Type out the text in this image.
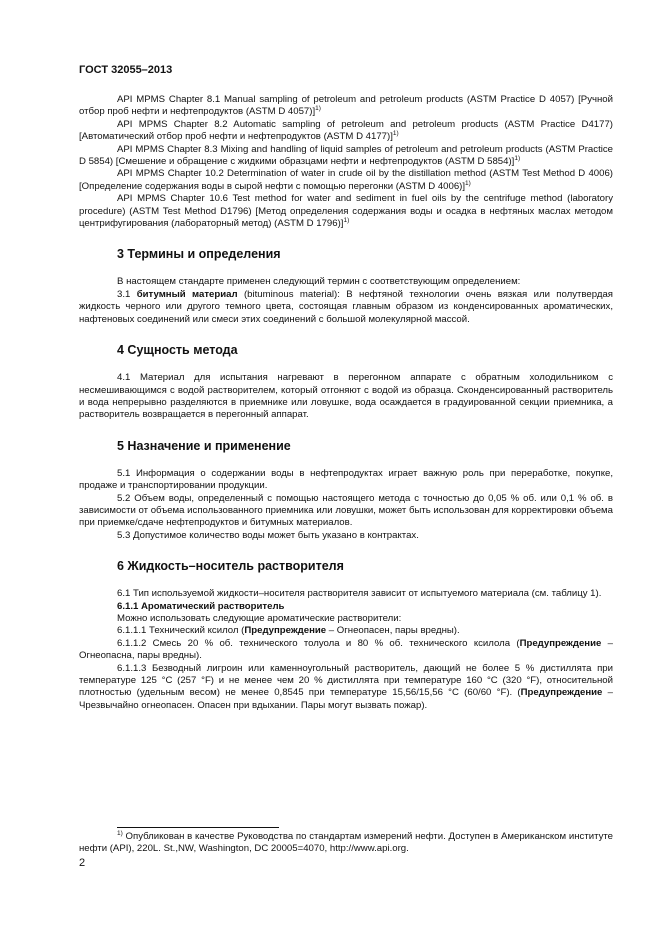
ГОСТ 32055–2013

API MPMS Chapter 8.1 Manual sampling of petroleum and petroleum products (ASTM Practice D 4057) [Ручной отбор проб нефти и нефтепродуктов (ASTM D 4057)]$^{1)}$

API MPMS Chapter 8.2 Automatic sampling of petroleum and petroleum products (ASTM Practice D4177) [Автоматический отбор проб нефти и нефтепродуктов (ASTM D 4177)]$^{1)}$

API MPMS Chapter 8.3 Mixing and handling of liquid samples of petroleum and petroleum products (ASTM Practice D 5854) [Смешение и обращение с жидкими образцами нефти и нефтепродуктов (ASTM D 5854)]$^{1)}$

API MPMS Chapter 10.2 Determination of water in crude oil by the distillation method (ASTM Test Method D 4006) [Определение содержания воды в сырой нефти с помощью перегонки (ASTM D 4006)]$^{1)}$

API MPMS Chapter 10.6 Test method for water and sediment in fuel oils by the centrifuge method (laboratory procedure) (ASTM Test Method D1796) [Метод определения содержания воды и осадка в нефтяных маслах методом центрифугирования (лабораторный метод) (ASTM D 1796)]$^{1)}$

3 Термины и определения

В настоящем стандарте применен следующий термин с соответствующим определением:

3.1 битумный материал (bituminous material): В нефтяной технологии очень вязкая или полутвердая жидкость черного или другого темного цвета, состоящая главным образом из конденсированных ароматических, нафтеновых соединений или смеси этих соединений с большой молекулярной массой.

4 Сущность метода

4.1 Материал для испытания нагревают в перегонном аппарате с обратным холодильником с несмешивающимся с водой растворителем, который отгоняют с водой из образца. Сконденсированный растворитель и вода непрерывно разделяются в приемнике или ловушке, вода осаждается в градуированной секции приемника, а растворитель возвращается в перегонный аппарат.

5 Назначение и применение

5.1 Информация о содержании воды в нефтепродуктах играет важную роль при переработке, покупке, продаже и транспортировании продукции.

5.2 Объем воды, определенный с помощью настоящего метода с точностью до 0,05 % об. или 0,1 % об. в зависимости от объема использованного приемника или ловушки, может быть использован для корректировки объема при приемке/сдаче нефтепродуктов и битумных материалов.

5.3 Допустимое количество воды может быть указано в контрактах.

6 Жидкость–носитель растворителя

6.1 Тип используемой жидкости–носителя растворителя зависит от испытуемого материала (см. таблицу 1).

6.1.1 Ароматический растворитель

Можно использовать следующие ароматические растворители:

6.1.1.1 Технический ксилол (Предупреждение – Огнеопасен, пары вредны).

6.1.1.2 Смесь 20 % об. технического толуола и 80 % об. технического ксилола (Предупреждение – Огнеопасна, пары вредны).

6.1.1.3 Безводный лигроин или каменноугольный растворитель, дающий не более 5 % дистиллята при температуре 125 °С (257 °F) и не менее чем 20 % дистиллята при температуре 160 °С (320 °F), относительной плотностью (удельным весом) не менее 0,8545 при температуре 15,56/15,56 °С (60/60 °F). (Предупреждение – Чрезвычайно огнеопасен. Опасен при вдыхании. Пары могут вызвать пожар).

$^{1)}$ Опубликован в качестве Руководства по стандартам измерений нефти. Доступен в Американском институте нефти (API), 220L. St.,NW, Washington, DC 20005=4070, http://www.api.org.
2
